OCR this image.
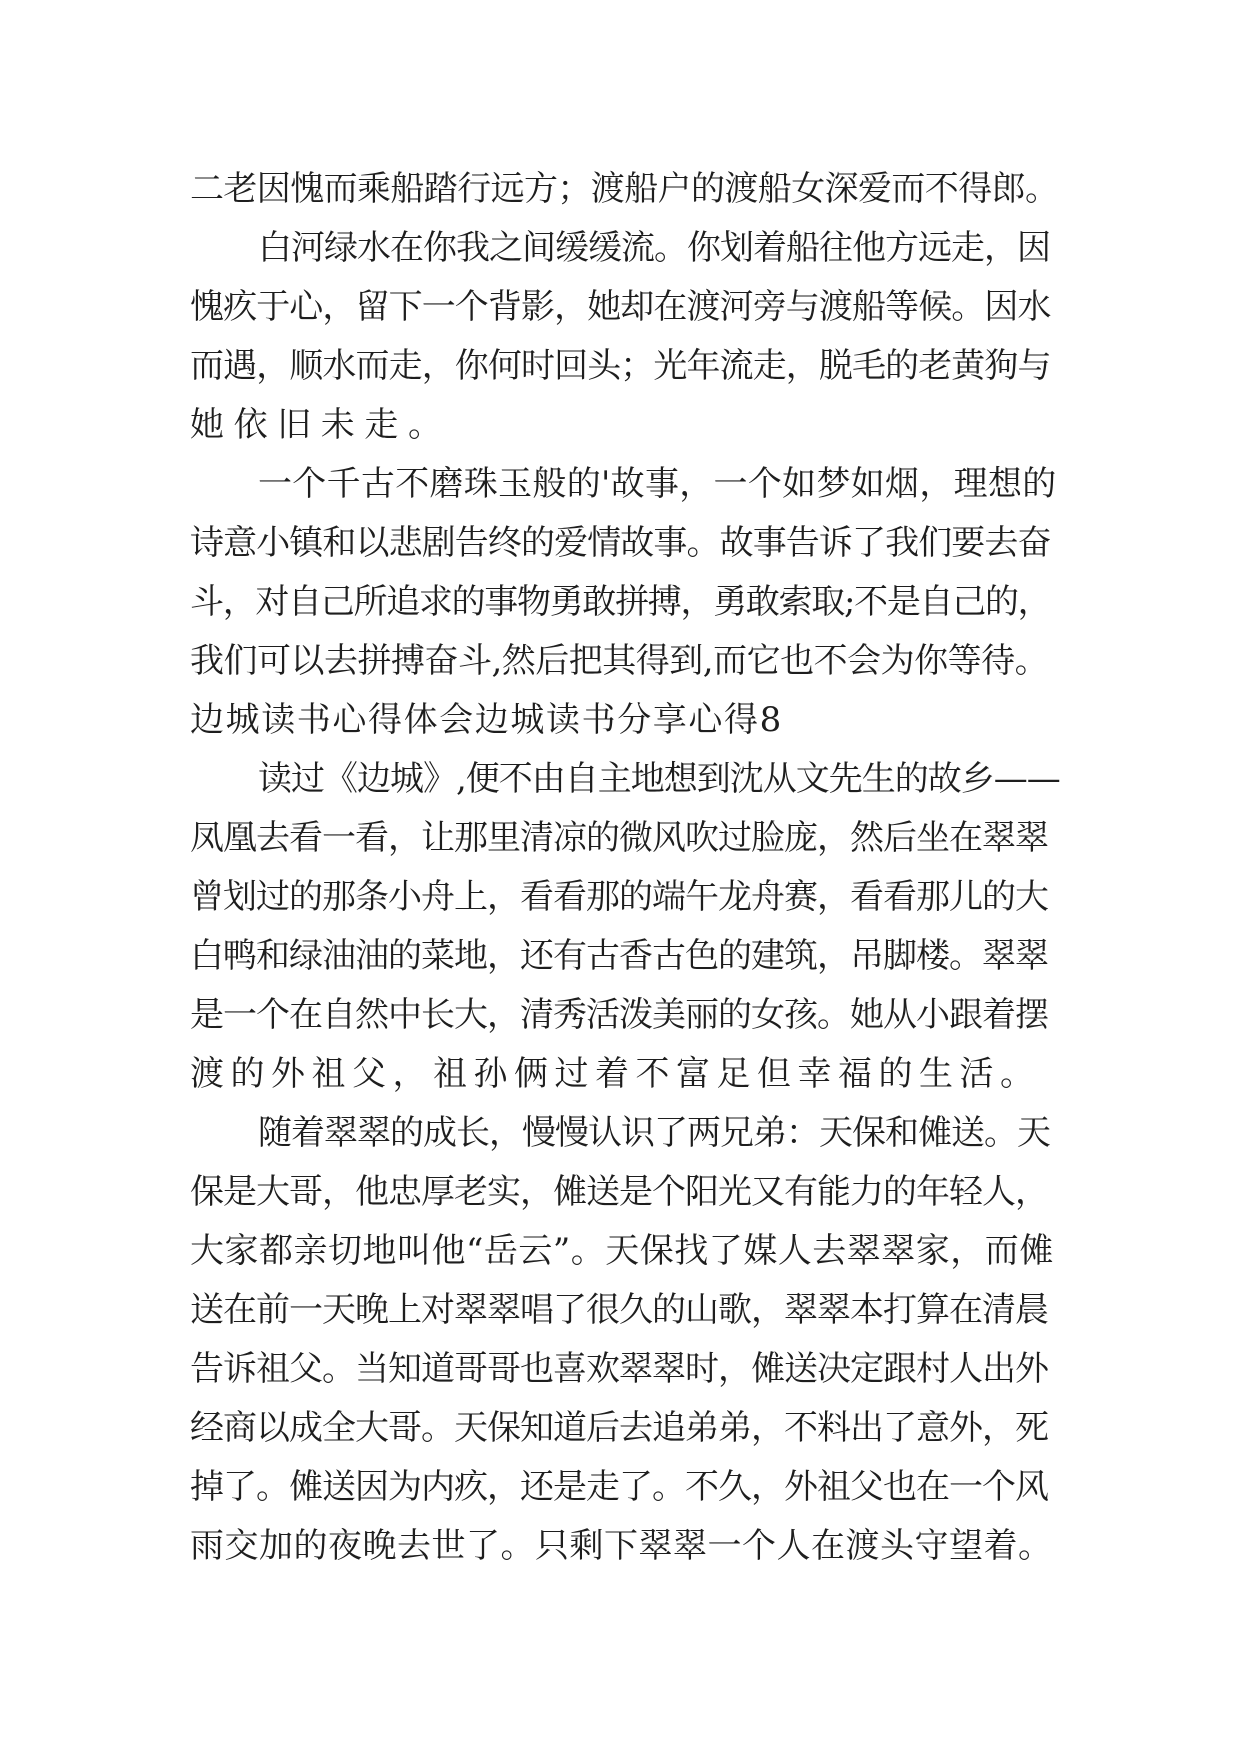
二老因愧而乘船踏行远方；渡船户的渡船女深爱而不得郎。

白河绿水在你我之间缓缓流。你划着船往他方远走，因

愧疚于心，留下一个背影，她却在渡河旁与渡船等候。因水

而遇，顺水而走，你何时回头；光年流走，脱毛的老黄狗与

她依旧未走。

一个千古不磨珠玉般的'故事，一个如梦如烟，理想的

诗意小镇和以悲剧告终的爱情故事。故事告诉了我们要去奋

斗，对自己所追求的事物勇敢拼搏，勇敢索取;不是自己的，

我们可以去拼搏奋斗,然后把其得到,而它也不会为你等待。

边城读书心得体会边城读书分享心得8

读过《边城》,便不由自主地想到沈从文先生的故乡——

凤凰去看一看，让那里清凉的微风吹过脸庞，然后坐在翠翠

曾划过的那条小舟上，看看那的端午龙舟赛，看看那儿的大

白鸭和绿油油的菜地，还有古香古色的建筑，吊脚楼。翠翠

是一个在自然中长大，清秀活泼美丽的女孩。她从小跟着摆

渡的外祖父，祖孙俩过着不富足但幸福的生活。

随着翠翠的成长，慢慢认识了两兄弟：天保和傩送。天

保是大哥，他忠厚老实，傩送是个阳光又有能力的年轻人，

大家都亲切地叫他“岳云”。天保找了媒人去翠翠家，而傩

送在前一天晚上对翠翠唱了很久的山歌，翠翠本打算在清晨

告诉祖父。当知道哥哥也喜欢翠翠时，傩送决定跟村人出外

经商以成全大哥。天保知道后去追弟弟，不料出了意外，死

掉了。傩送因为内疚，还是走了。不久，外祖父也在一个风

雨交加的夜晚去世了。只剩下翠翠一个人在渡头守望着。
